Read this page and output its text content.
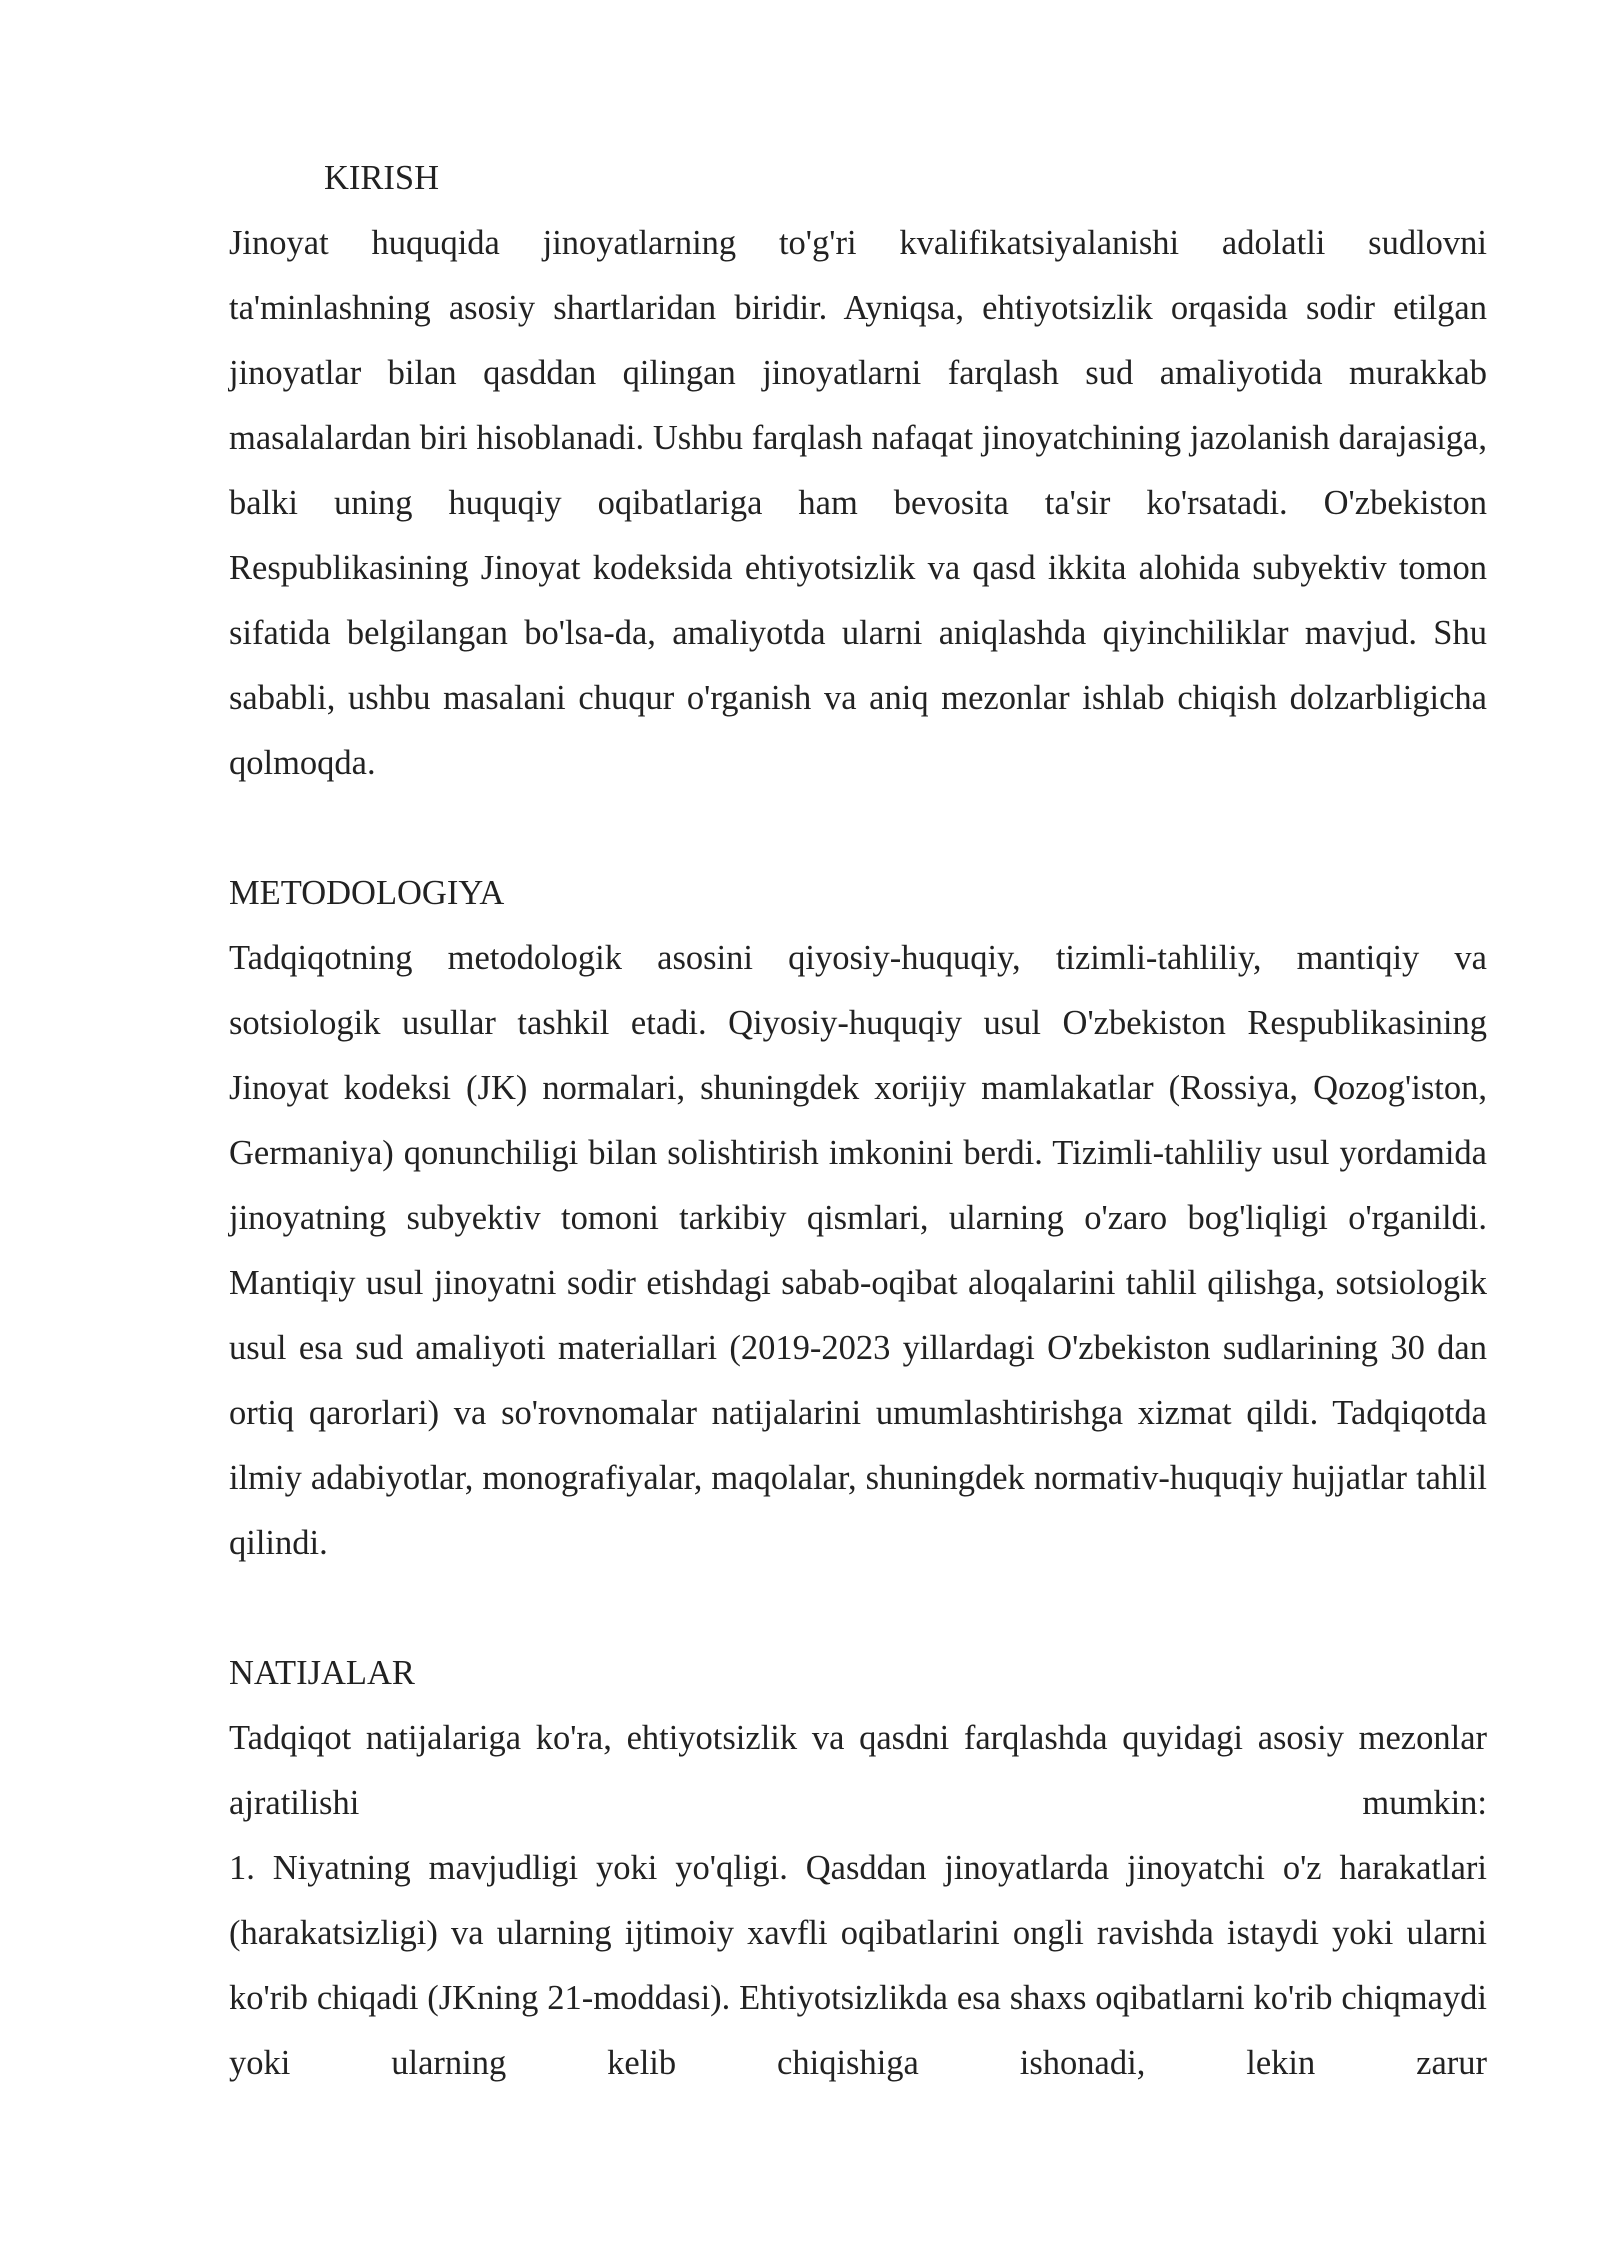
KIRISH

Jinoyat huquqida jinoyatlarning to'g'ri kvalifikatsiyalanishi adolatli sudlovni ta'minlashning asosiy shartlaridan biridir. Ayniqsa, ehtiyotsizlik orqasida sodir etilgan jinoyatlar bilan qasddan qilingan jinoyatlarni farqlash sud amaliyotida murakkab masalalardan biri hisoblanadi. Ushbu farqlash nafaqat jinoyatchining jazolanish darajasiga, balki uning huquqiy oqibatlariga ham bevosita ta'sir ko'rsatadi. O'zbekiston Respublikasining Jinoyat kodeksida ehtiyotsizlik va qasd ikkita alohida subyektiv tomon sifatida belgilangan bo'lsa-da, amaliyotda ularni aniqlashda qiyinchiliklar mavjud. Shu sababli, ushbu masalani chuqur o'rganish va aniq mezonlar ishlab chiqish dolzarbligicha qolmoqda.

METODOLOGIYA

Tadqiqotning metodologik asosini qiyosiy-huquqiy, tizimli-tahliliy, mantiqiy va sotsiologik usullar tashkil etadi. Qiyosiy-huquqiy usul O'zbekiston Respublikasining Jinoyat kodeksi (JK) normalari, shuningdek xorijiy mamlakatlar (Rossiya, Qozog'iston, Germaniya) qonunchiligi bilan solishtirish imkonini berdi. Tizimli-tahliliy usul yordamida jinoyatning subyektiv tomoni tarkibiy qismlari, ularning o'zaro bog'liqligi o'rganildi. Mantiqiy usul jinoyatni sodir etishdagi sabab-oqibat aloqalarini tahlil qilishga, sotsiologik usul esa sud amaliyoti materiallari (2019-2023 yillardagi O'zbekiston sudlarining 30 dan ortiq qarorlari) va so'rovnomalar natijalarini umumlashtirishga xizmat qildi. Tadqiqotda ilmiy adabiyotlar, monografiyalar, maqolalar, shuningdek normativ-huquqiy hujjatlar tahlil qilindi.

NATIJALAR

Tadqiqot natijalariga ko'ra, ehtiyotsizlik va qasdni farqlashda quyidagi asosiy mezonlar ajratilishi mumkin:

1. Niyatning mavjudligi yoki yo'qligi. Qasddan jinoyatlarda jinoyatchi o'z harakatlari (harakatsizligi) va ularning ijtimoiy xavfli oqibatlarini ongli ravishda istaydi yoki ularni ko'rib chiqadi (JKning 21-moddasi). Ehtiyotsizlikda esa shaxs oqibatlarni ko'rib chiqmaydi yoki ularning kelib chiqishiga ishonadi, lekin zarur
